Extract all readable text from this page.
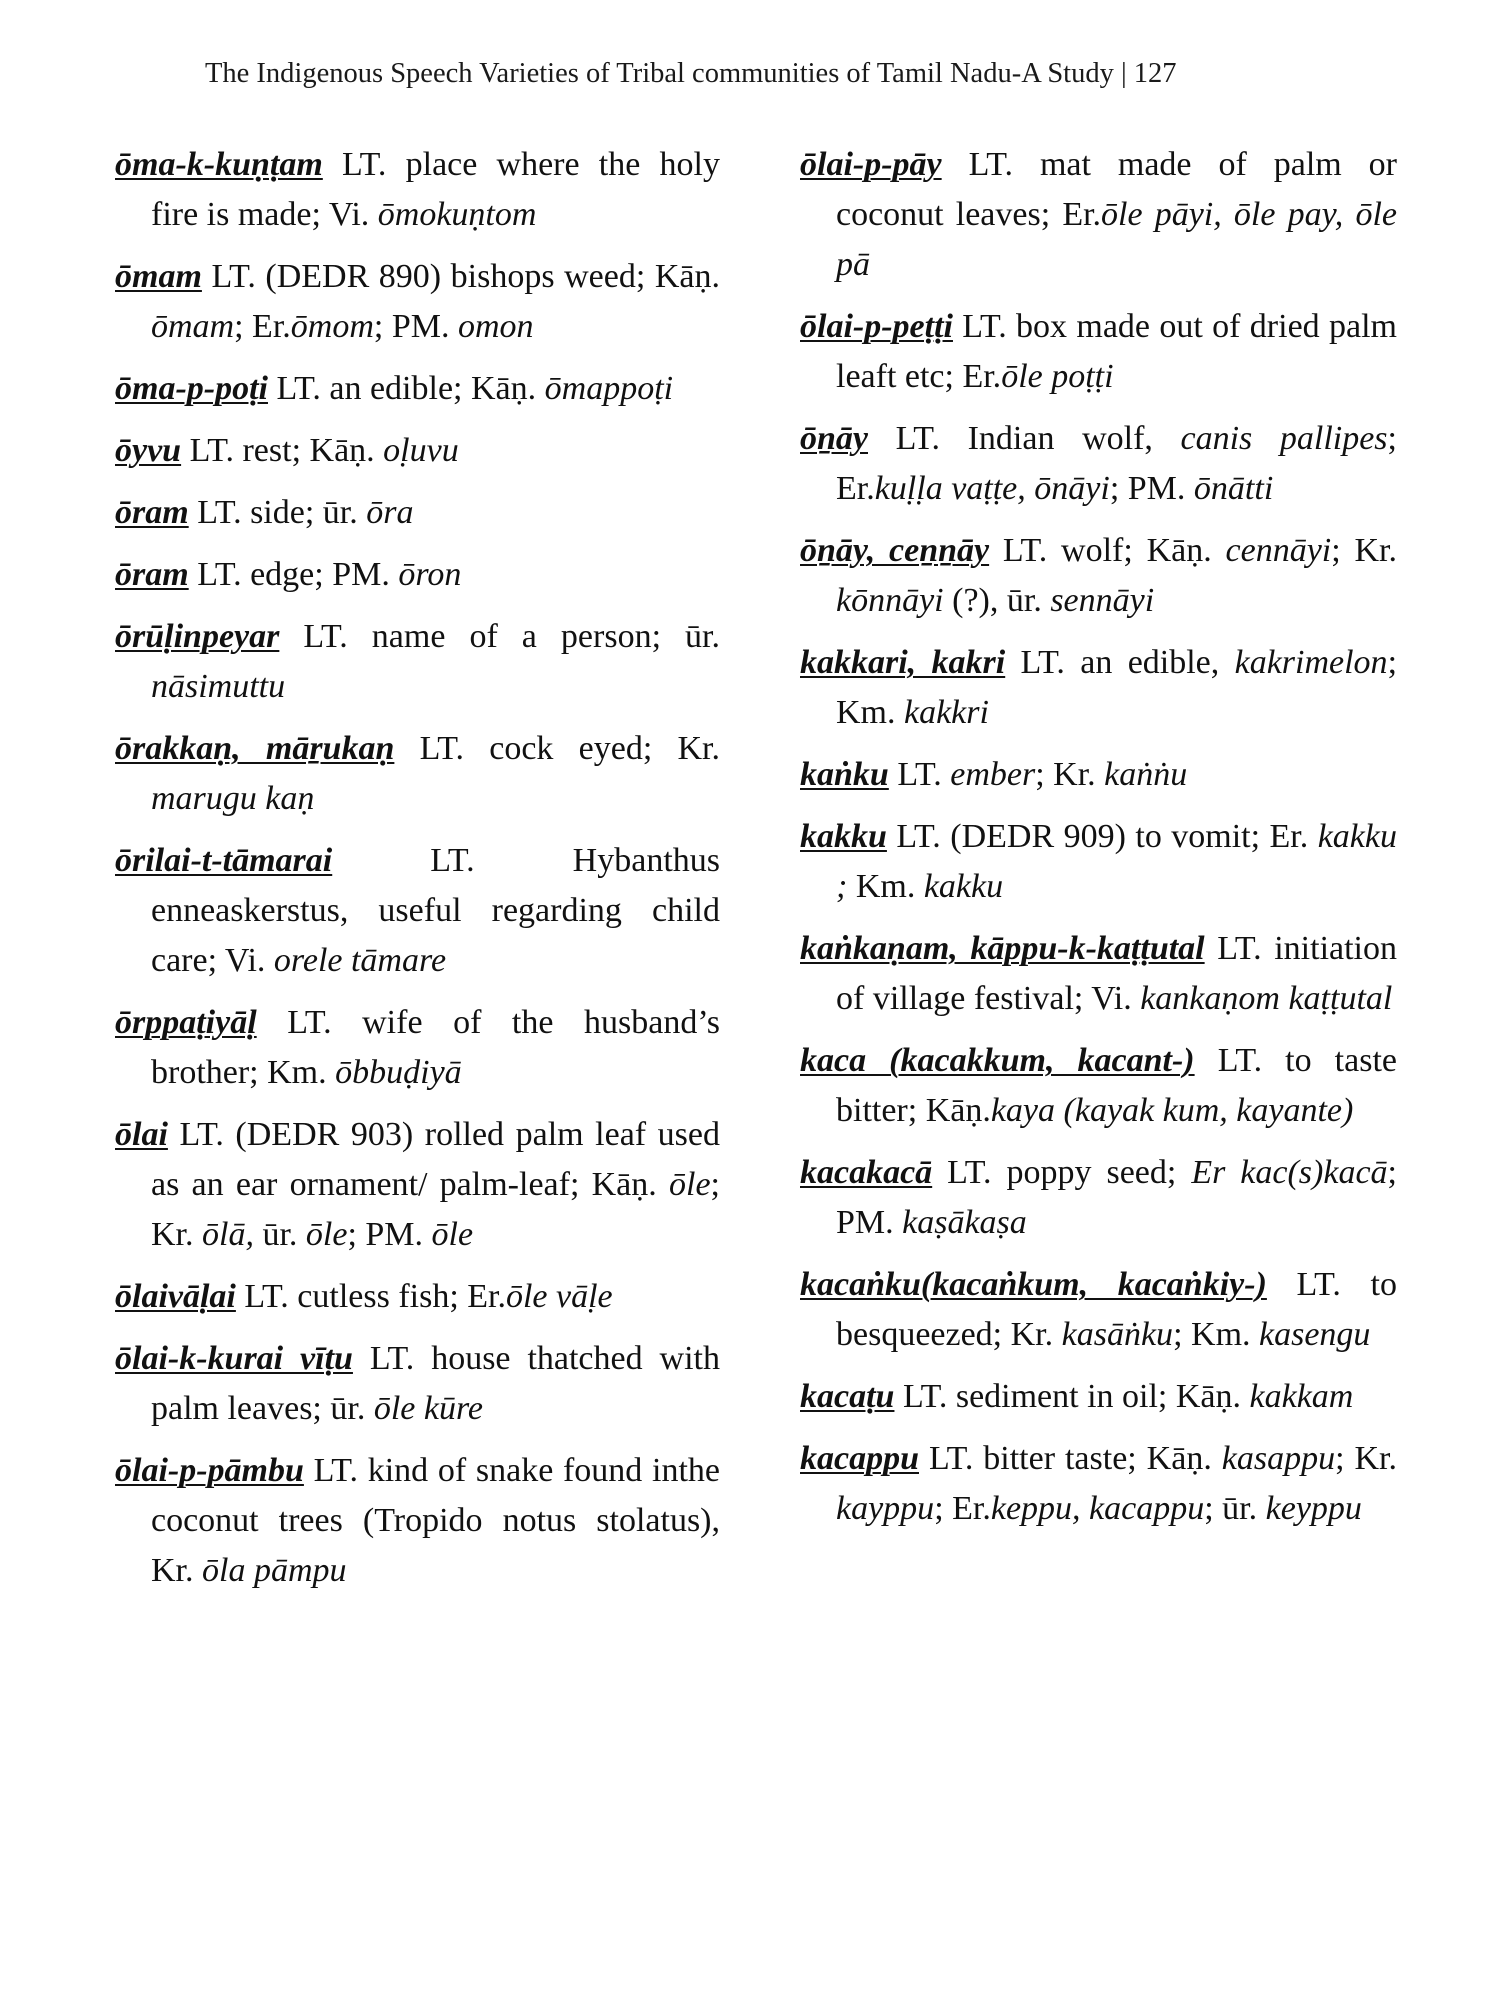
The Indigenous Speech Varieties of Tribal communities of Tamil Nadu-A Study | 127

ōma-k-kuṇṭam LT. place where the holy fire is made; Vi. ōmokuṇtom

ōmam LT. (DEDR 890) bishops weed; Kāṇ. ōmam; Er.ōmom; PM. omon

ōma-p-poṭi LT. an edible; Kāṇ. ōmappoṭi

ōyvu LT. rest; Kāṇ. oḷuvu

ōram LT. side; ūr. ōra

ōram LT. edge; PM. ōron

ōrūḷinpeyar LT. name of a person; ūr. nāsimuttu

ōrakkaṇ, māṟukaṇ LT. cock eyed; Kr. marugu kaṇ

ōrilai-t-tāmarai LT. Hybanthus enneaskerstus, useful regarding child care; Vi. orele tāmare

ōrppaṭiyāḷ LT. wife of the husband’s brother; Km. ōbbuḍiyā

ōlai LT. (DEDR 903) rolled palm leaf used as an ear ornament/ palm-leaf; Kāṇ. ōle; Kr. ōlā, ūr. ōle; PM. ōle

ōlaivāḷai LT. cutless fish; Er.ōle vāḷe

ōlai-k-kurai vīṭu LT. house thatched with palm leaves; ūr. ōle kūre

ōlai-p-pāmbu LT. kind of snake found inthe coconut trees (Tropido notus stolatus), Kr. ōla pāmpu

ōlai-p-pāy LT. mat made of palm or coconut leaves; Er.ōle pāyi, ōle pay, ōle pā

ōlai-p-peṭṭi LT. box made out of dried palm leaft etc; Er.ōle poṭṭi

ōṉāy LT. Indian wolf, canis pallipes; Er.kuḷḷa vaṭṭe, ōnāyi; PM. ōnātti

ōṉāy, ceṉṉāy LT. wolf; Kāṇ. cennāyi; Kr. kōnnāyi (?), ūr. sennāyi

kakkari, kakri LT. an edible, kakrimelon; Km. kakkri

kaṅku LT. ember; Kr. kaṅṅu

kakku LT. (DEDR 909) to vomit; Er. kakku ; Km. kakku

kaṅkaṇam, kāppu-k-kaṭṭutal LT. initiation of village festival; Vi. kankaṇom kaṭṭutal

kaca (kacakkum, kacant-) LT. to taste bitter; Kāṇ.kaya (kayak kum, kayante)

kacakacā LT. poppy seed; Er kac(s)kacā; PM. kaṣākaṣa

kacaṅku(kacaṅkum, kacaṅkiy-) LT. to besqueezed; Kr. kasāṅku; Km. kasengu

kacaṭu LT. sediment in oil; Kāṇ. kakkam

kacappu LT. bitter taste; Kāṇ. kasappu; Kr. kayppu; Er.keppu, kacappu; ūr. keyppu
